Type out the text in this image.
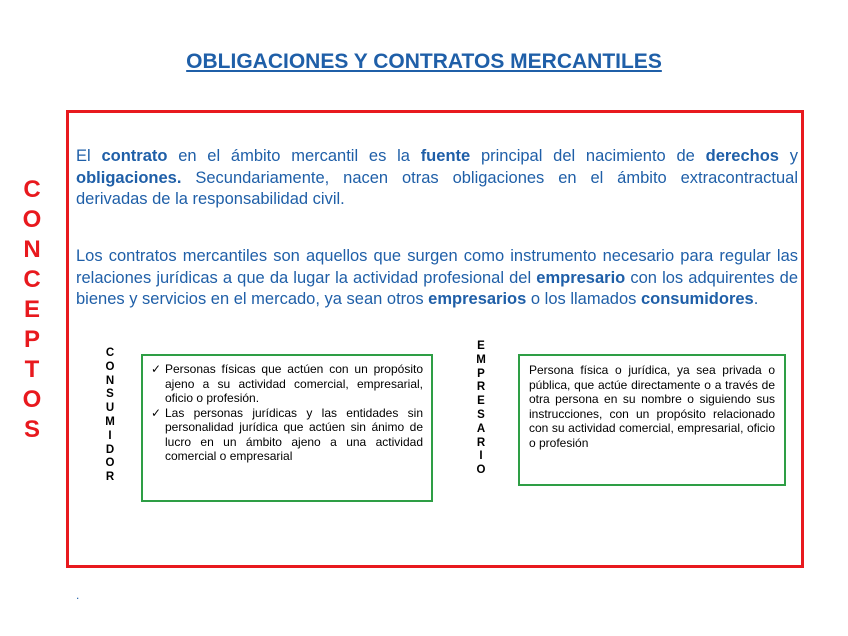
OBLIGACIONES Y CONTRATOS MERCANTILES
C
O
N
C
E
P
T
O
S
El contrato en el ámbito mercantil es la fuente principal del nacimiento de derechos y obligaciones. Secundariamente, nacen otras obligaciones en el ámbito extracontractual derivadas de la responsabilidad civil.
Los contratos mercantiles son aquellos que surgen como instrumento necesario para regular las relaciones jurídicas a que da lugar la actividad profesional del empresario con los adquirentes de bienes y servicios en el mercado, ya sean otros empresarios o los llamados consumidores.
C
O
N
S
U
M
I
D
O
R
✓ Personas físicas que actúen con un propósito ajeno a su actividad comercial, empresarial, oficio o profesión.
✓ Las personas jurídicas y las entidades sin personalidad jurídica que actúen sin ánimo de lucro en un ámbito ajeno a una actividad comercial o empresarial
E
M
P
R
E
S
A
R
I
O
Persona física o jurídica, ya sea privada o pública, que actúe directamente o a través de otra persona en su nombre o siguiendo sus instrucciones, con un propósito relacionado con su actividad comercial, empresarial, oficio o profesión
.
